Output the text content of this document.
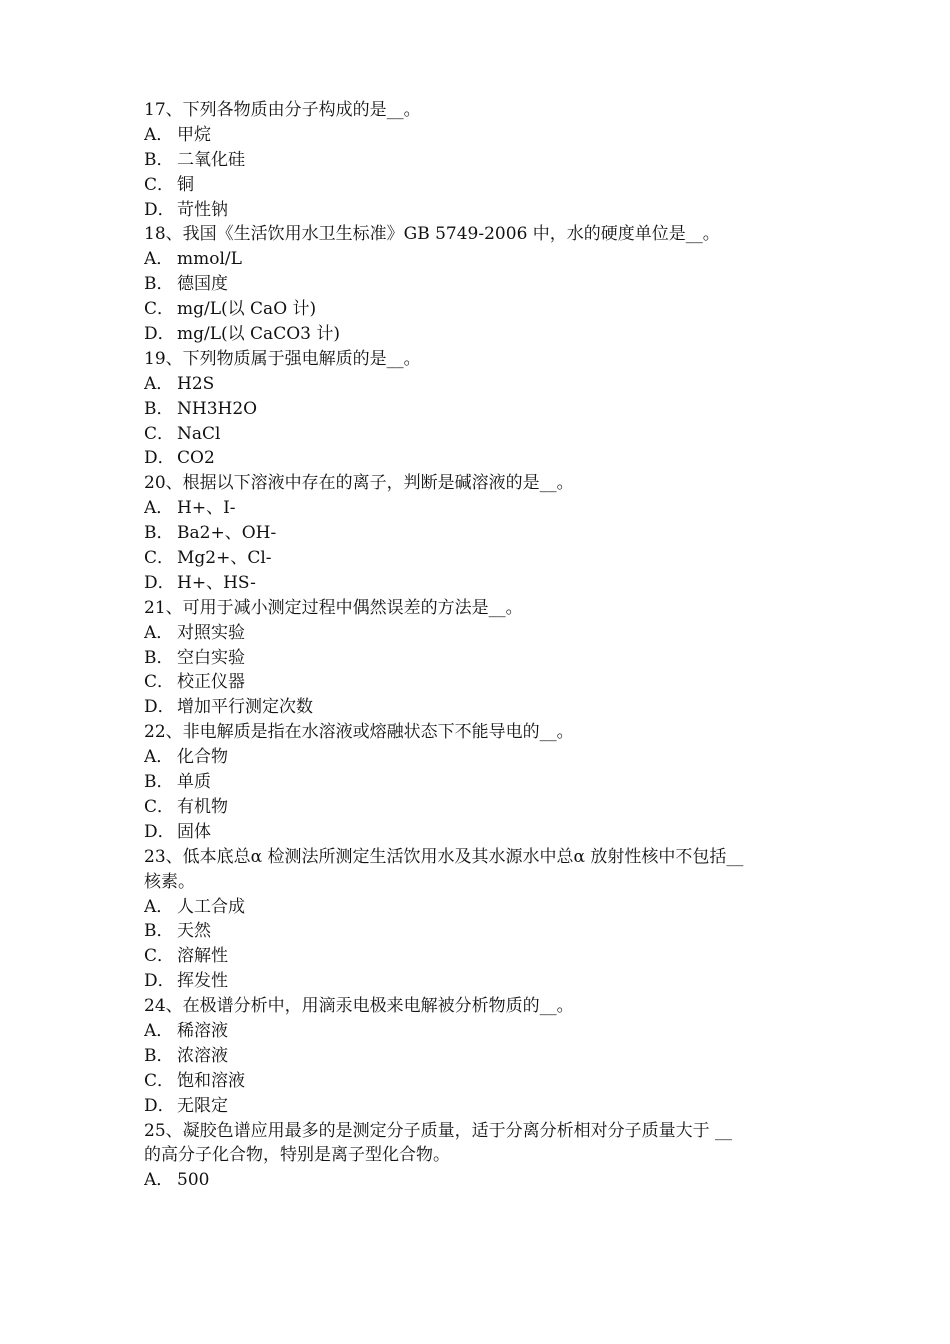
17、下列各物质由分子构成的是__。
A． 甲烷
B． 二氧化硅
C． 铜
D． 苛性钠
18、我国《生活饮用水卫生标准》GB 5749-2006 中，水的硬度单位是__。
A． mmol/L
B． 德国度
C． mg/L(以 CaO 计)
D． mg/L(以 CaCO3 计)
19、下列物质属于强电解质的是__。
A． H2S
B． NH3H2O
C． NaCl
D． CO2
20、根据以下溶液中存在的离子，判断是碱溶液的是__。
A． H+、I-
B． Ba2+、OH-
C． Mg2+、Cl-
D． H+、HS-
21、可用于减小测定过程中偶然误差的方法是__。
A． 对照实验
B． 空白实验
C． 校正仪器
D． 增加平行测定次数
22、非电解质是指在水溶液或熔融状态下不能导电的__。
A． 化合物
B． 单质
C． 有机物
D． 固体
23、低本底总α 检测法所测定生活饮用水及其水源水中总α 放射性核中不包括__
核素。
A． 人工合成
B． 天然
C． 溶解性
D． 挥发性
24、在极谱分析中，用滴汞电极来电解被分析物质的__。
A． 稀溶液
B． 浓溶液
C． 饱和溶液
D． 无限定
25、凝胶色谱应用最多的是测定分子质量，适于分离分析相对分子质量大于 __
的高分子化合物，特别是离子型化合物。
A． 500
